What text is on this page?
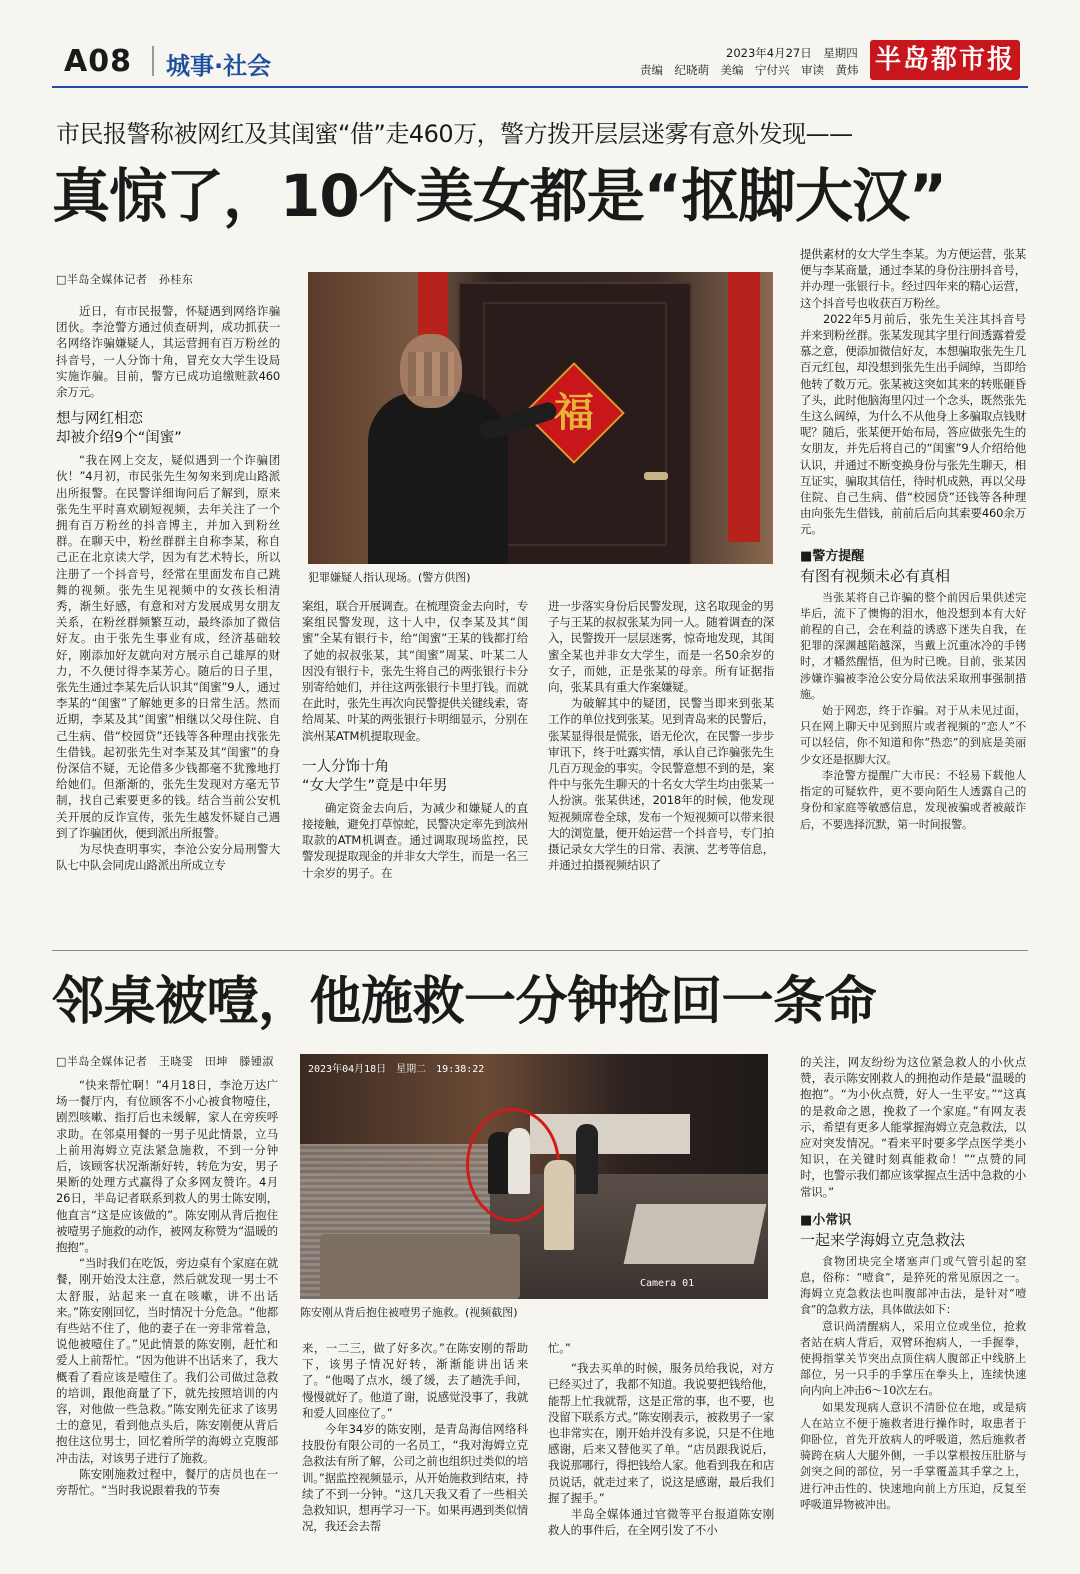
A08 城事·社会	2023年4月27日　星期四
责编　纪晓萌　美编　宁付兴　审读　黄炜 半岛都市报
市民报警称被网红及其闺蜜“借”走460万，警方拨开层层迷雾有意外发现——
真惊了，10个美女都是“抠脚大汉”

□半岛全媒体记者　孙桂东

近日，有市民报警，怀疑遇到网络诈骗团伙。李沧警方通过侦查研判，成功抓获一名网络诈骗嫌疑人，其运营拥有百万粉丝的抖音号，一人分饰十角，冒充女大学生设局实施诈骗。目前，警方已成功追缴赃款460余万元。

想与网红相恋
却被介绍9个“闺蜜”

“我在网上交友，疑似遇到一个诈骗团伙！”4月初，市民张先生匆匆来到虎山路派出所报警。在民警详细询问后了解到，原来张先生平时喜欢刷短视频，去年关注了一个拥有百万粉丝的抖音博主，并加入到粉丝群。在聊天中，粉丝群群主自称李某，称自己正在北京读大学，因为有艺术特长，所以注册了一个抖音号，经常在里面发布自己跳舞的视频。张先生见视频中的女孩长相清秀，渐生好感，有意和对方发展成男女朋友关系，在粉丝群频繁互动，最终添加了微信好友。由于张先生事业有成，经济基础较好，刚添加好友就向对方展示自己雄厚的财力，不久便讨得李某芳心。随后的日子里，张先生通过李某先后认识其“闺蜜”9人，通过李某的“闺蜜”了解她更多的日常生活。然而近期，李某及其“闺蜜”相继以父母住院、自己生病、借“校园贷”还钱等各种理由找张先生借钱。起初张先生对李某及其“闺蜜”的身份深信不疑，无论借多少钱都毫不犹豫地打给她们。但渐渐的，张先生发现对方毫无节制，找自己索要更多的钱。结合当前公安机关开展的反诈宣传，张先生越发怀疑自己遇到了诈骗团伙，便到派出所报警。

为尽快查明事实，李沧公安分局刑警大队七中队会同虎山路派出所成立专

福
犯罪嫌疑人指认现场。(警方供图)

案组，联合开展调查。在梳理资金去向时，专案组民警发现，这十人中，仅李某及其“闺蜜”全某有银行卡，给“闺蜜”王某的钱都打给了她的叔叔张某，其“闺蜜”周某、叶某二人因没有银行卡，张先生将自己的两张银行卡分别寄给她们，并往这两张银行卡里打钱。而就在此时，张先生再次向民警提供关键线索，寄给周某、叶某的两张银行卡明细显示，分别在滨州某ATM机提取现金。

一人分饰十角
“女大学生”竟是中年男

确定资金去向后，为减少和嫌疑人的直接接触，避免打草惊蛇，民警决定率先到滨州取款的ATM机调查。通过调取现场监控，民警发现提取现金的并非女大学生，而是一名三十余岁的男子。在

进一步落实身份后民警发现，这名取现金的男子与王某的叔叔张某为同一人。随着调查的深入，民警拨开一层层迷雾，惊奇地发现，其闺蜜全某也并非女大学生，而是一名50余岁的女子，而她，正是张某的母亲。所有证据指向，张某具有重大作案嫌疑。

为破解其中的疑团，民警当即来到张某工作的单位找到张某。见到青岛来的民警后，张某显得很是慌张，语无伦次，在民警一步步审讯下，终于吐露实情，承认自己诈骗张先生几百万现金的事实。令民警意想不到的是，案件中与张先生聊天的十名女大学生均由张某一人扮演。张某供述，2018年的时候，他发现短视频席卷全球，发布一个短视频可以带来很大的浏览量，便开始运营一个抖音号，专门拍摄记录女大学生的日常、表演、艺考等信息，并通过拍摄视频结识了

提供素材的女大学生李某。为方便运营，张某便与李某商量，通过李某的身份注册抖音号，并办理一张银行卡。经过四年来的精心运营，这个抖音号也收获百万粉丝。

2022年5月前后，张先生关注其抖音号并来到粉丝群。张某发现其字里行间透露着爱慕之意，便添加微信好友，本想骗取张先生几百元红包，却没想到张先生出手阔绰，当即给他转了数万元。张某被这突如其来的转账砸昏了头，此时他脑海里闪过一个念头，既然张先生这么阔绰，为什么不从他身上多骗取点钱财呢？随后，张某便开始布局，答应做张先生的女朋友，并先后将自己的“闺蜜”9人介绍给他认识，并通过不断变换身份与张先生聊天，相互证实，骗取其信任，待时机成熟，再以父母住院、自己生病、借“校园贷”还钱等各种理由向张先生借钱，前前后后向其索要460余万元。

■警方提醒
有图有视频未必有真相

当张某将自己诈骗的整个前因后果供述完毕后，流下了懊悔的泪水，他没想到本有大好前程的自己，会在利益的诱惑下迷失自我，在犯罪的深渊越陷越深，当戴上沉重冰冷的手铐时，才幡然醒悟，但为时已晚。目前，张某因涉嫌诈骗被李沧公安分局依法采取刑事强制措施。

始于网恋，终于诈骗。对于从未见过面，只在网上聊天中见到照片或者视频的“恋人”不可以轻信，你不知道和你“热恋”的到底是美丽少女还是抠脚大汉。

李沧警方提醒广大市民：不轻易下载他人指定的可疑软件，更不要向陌生人透露自己的身份和家庭等敏感信息，发现被骗或者被敲诈后，不要选择沉默，第一时间报警。

邻桌被噎，他施救一分钟抢回一条命

□半岛全媒体记者　王晓雯　田坤　滕锺淑

“快来帮忙啊！”4月18日，李沧万达广场一餐厅内，有位顾客不小心被食物噎住，剧烈咳嗽、指打后也未缓解，家人在旁疾呼求助。在邻桌用餐的一男子见此情景，立马上前用海姆立克法紧急施救，不到一分钟后，该顾客状况渐渐好转，转危为安，男子果断的处理方式赢得了众多网友赞许。4月26日，半岛记者联系到救人的男士陈安刚，他直言“这是应该做的”。陈安刚从背后抱住被噎男子施救的动作，被网友称赞为“温暖的抱抱”。

“当时我们在吃饭，旁边桌有个家庭在就餐，刚开始没太注意，然后就发现一男士不太舒服，站起来一直在咳嗽，讲不出话来。”陈安刚回忆，当时情况十分危急。“他都有些站不住了，他的妻子在一旁非常着急，说他被噎住了。”见此情景的陈安刚，赶忙和爱人上前帮忙。“因为他讲不出话来了，我大概看了看应该是噎住了。我们公司做过急救的培训，跟他商量了下，就先按照培训的内容，对他做一些急救。”陈安刚先征求了该男士的意见，看到他点头后，陈安刚便从背后抱住这位男士，回忆着所学的海姆立克腹部冲击法，对该男子进行了施救。

陈安刚施救过程中，餐厅的店员也在一旁帮忙。“当时我说跟着我的节奏

2023年04月18日　星期二　19:38:22
Camera 01
陈安刚从背后抱住被噎男子施救。(视频截图)

来，一二三，做了好多次。”在陈安刚的帮助下，该男子情况好转，渐渐能讲出话来了。“他喝了点水，缓了缓，去了趟洗手间，慢慢就好了。他道了谢，说感觉没事了，我就和爱人回座位了。”

今年34岁的陈安刚，是青岛海信网络科技股份有限公司的一名员工，“我对海姆立克急救法有所了解，公司之前也组织过类似的培训。”据监控视频显示，从开始施救到结束，持续了不到一分钟。“这几天我又看了一些相关急救知识，想再学习一下。如果再遇到类似情况，我还会去帮

忙。”

“我去买单的时候，服务员给我说，对方已经买过了，我都不知道。我说要把钱给他，能帮上忙我就帮，这是正常的事，也不要，也没留下联系方式。”陈安刚表示，被救男子一家也非常实在，刚开始并没有多说，只是不住地感谢，后来又替他买了单。“店员跟我说后，我说那哪行，得把钱给人家。他看到我在和店员说话，就走过来了，说这是感谢，最后我们握了握手。”

半岛全媒体通过官微等平台报道陈安刚救人的事件后，在全网引发了不小

的关注，网友纷纷为这位紧急救人的小伙点赞，表示陈安刚救人的拥抱动作是最“温暖的抱抱”。“为小伙点赞，好人一生平安。”“这真的是救命之恩，挽救了一个家庭。”有网友表示，希望有更多人能掌握海姆立克急救法，以应对突发情况。“看来平时要多学点医学类小知识，在关键时刻真能救命！”“点赞的同时，也警示我们都应该掌握点生活中急救的小常识。”

■小常识
一起来学海姆立克急救法

食物团块完全堵塞声门或气管引起的窒息，俗称：“噎食”，是猝死的常见原因之一。海姆立克急救法也叫腹部冲击法，是针对“噎食”的急救方法，具体做法如下：

意识尚清醒病人，采用立位或坐位，抢救者站在病人背后，双臂环抱病人，一手握拳，使拇指掌关节突出点顶住病人腹部正中线脐上部位，另一只手的手掌压在拳头上，连续快速向内向上冲击6～10次左右。

如果发现病人意识不清卧位在地，或是病人在站立不便于施救者进行操作时，取患者于仰卧位，首先开放病人的呼吸道，然后施救者骑跨在病人大腿外侧，一手以掌根按压肚脐与剑突之间的部位，另一手掌覆盖其手掌之上，进行冲击性的、快速地向前上方压迫，反复至呼吸道异物被冲出。
